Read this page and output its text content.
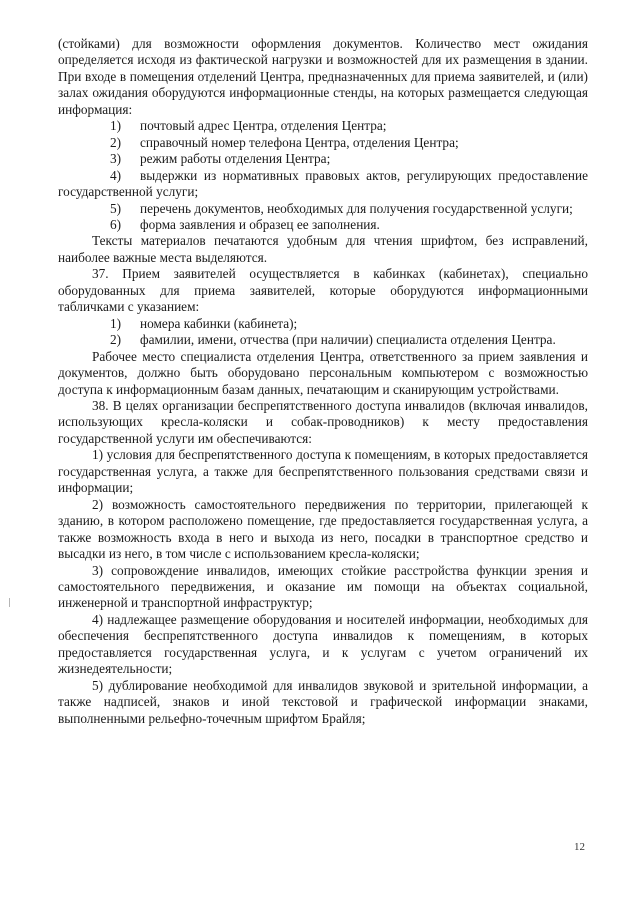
(стойками) для возможности оформления документов. Количество мест ожидания определяется исходя из фактической нагрузки и возможностей для их размещения в здании. При входе в помещения отделений Центра, предназначенных для приема заявителей, и (или) залах ожидания оборудуются информационные стенды, на которых размещается следующая информация:

1) почтовый адрес Центра, отделения Центра;

2) справочный номер телефона Центра, отделения Центра;

3) режим работы отделения Центра;

4) выдержки из нормативных правовых актов, регулирующих предоставление государственной услуги;

5) перечень документов, необходимых для получения государственной услуги;

6) форма заявления и образец ее заполнения.

Тексты материалов печатаются удобным для чтения шрифтом, без исправлений, наиболее важные места выделяются.

37. Прием заявителей осуществляется в кабинках (кабинетах), специально оборудованных для приема заявителей, которые оборудуются информационными табличками с указанием:

1) номера кабинки (кабинета);

2) фамилии, имени, отчества (при наличии) специалиста отделения Центра.

Рабочее место специалиста отделения Центра, ответственного за прием заявления и документов, должно быть оборудовано персональным компьютером с возможностью доступа к информационным базам данных, печатающим и сканирующим устройствами.

38. В целях организации беспрепятственного доступа инвалидов (включая инвалидов, использующих кресла-коляски и собак-проводников) к месту предоставления государственной услуги им обеспечиваются:

1) условия для беспрепятственного доступа к помещениям, в которых предоставляется государственная услуга, а также для беспрепятственного пользования средствами связи и информации;

2) возможность самостоятельного передвижения по территории, прилегающей к зданию, в котором расположено помещение, где предоставляется государственная услуга, а также возможность входа в него и выхода из него, посадки в транспортное средство и высадки из него, в том числе с использованием кресла-коляски;

3) сопровождение инвалидов, имеющих стойкие расстройства функции зрения и самостоятельного передвижения, и оказание им помощи на объектах социальной, инженерной и транспортной инфраструктур;

4) надлежащее размещение оборудования и носителей информации, необходимых для обеспечения беспрепятственного доступа инвалидов к помещениям, в которых предоставляется государственная услуга, и к услугам с учетом ограничений их жизнедеятельности;

5) дублирование необходимой для инвалидов звуковой и зрительной информации, а также надписей, знаков и иной текстовой и графической информации знаками, выполненными рельефно-точечным шрифтом Брайля;

12
